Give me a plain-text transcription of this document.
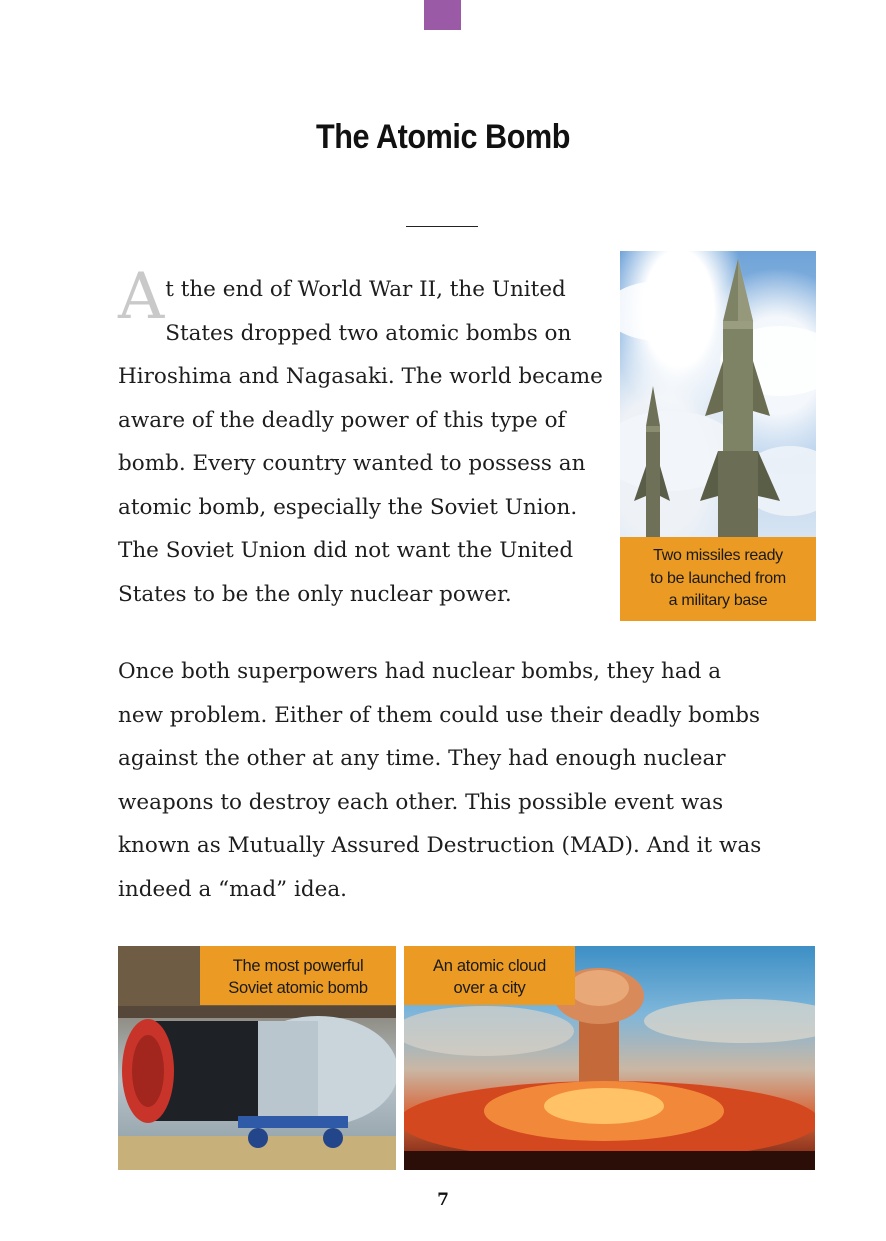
The Atomic Bomb
At the end of World War II, the United States dropped two atomic bombs on Hiroshima and Nagasaki. The world became aware of the deadly power of this type of bomb. Every country wanted to possess an atomic bomb, especially the Soviet Union. The Soviet Union did not want the United States to be the only nuclear power.
Two missiles ready
to be launched from
a military base
Once both superpowers had nuclear bombs, they had a new problem. Either of them could use their deadly bombs against the other at any time. They had enough nuclear weapons to destroy each other. This possible event was known as Mutually Assured Destruction (MAD). And it was indeed a “mad” idea.
The most powerful
Soviet atomic bomb
An atomic cloud
over a city
7
